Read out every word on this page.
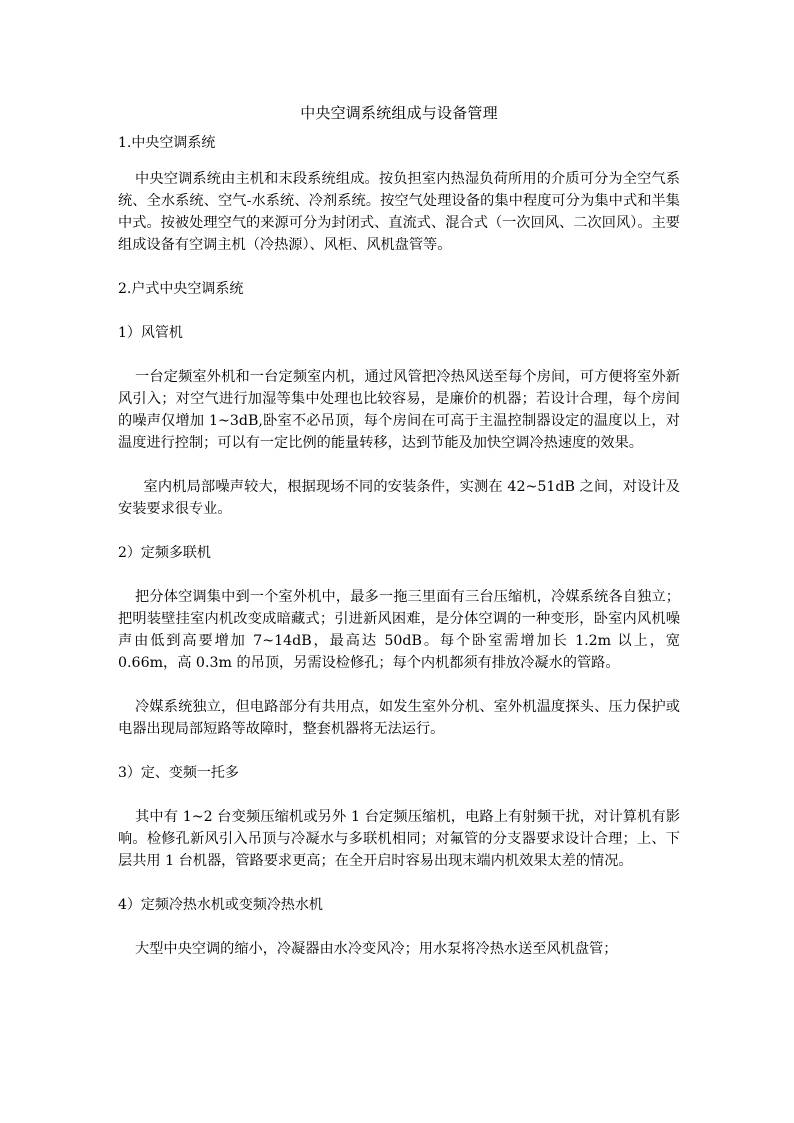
中央空调系统组成与设备管理
1.中央空调系统

中央空调系统由主机和末段系统组成。按负担室内热湿负荷所用的介质可分为全空气系统、全水系统、空气-水系统、冷剂系统。按空气处理设备的集中程度可分为集中式和半集中式。按被处理空气的来源可分为封闭式、直流式、混合式（一次回风、二次回风）。主要组成设备有空调主机（冷热源）、风柜、风机盘管等。

2.户式中央空调系统
1）风管机

一台定频室外机和一台定频室内机，通过风管把冷热风送至每个房间，可方便将室外新风引入；对空气进行加湿等集中处理也比较容易，是廉价的机器；若设计合理，每个房间的噪声仅增加 1~3dB,卧室不必吊顶，每个房间在可高于主温控制器设定的温度以上，对温度进行控制；可以有一定比例的能量转移，达到节能及加快空调冷热速度的效果。

室内机局部噪声较大，根据现场不同的安装条件，实测在 42~51dB 之间，对设计及安装要求很专业。

2）定频多联机

把分体空调集中到一个室外机中，最多一拖三里面有三台压缩机，冷媒系统各自独立；把明装壁挂室内机改变成暗藏式；引进新风困难，是分体空调的一种变形，卧室内风机噪声由低到高要增加 7~14dB，最高达 50dB。每个卧室需增加长 1.2m 以上，宽 0.66m，高 0.3m 的吊顶，另需设检修孔；每个内机都须有排放冷凝水的管路。

冷媒系统独立，但电路部分有共用点，如发生室外分机、室外机温度探头、压力保护或电器出现局部短路等故障时，整套机器将无法运行。

3）定、变频一托多

其中有 1~2 台变频压缩机或另外 1 台定频压缩机，电路上有射频干扰，对计算机有影响。检修孔新风引入吊顶与冷凝水与多联机相同；对氟管的分支器要求设计合理；上、下层共用 1 台机器，管路要求更高；在全开启时容易出现末端内机效果太差的情况。

4）定频冷热水机或变频冷热水机

大型中央空调的缩小，冷凝器由水冷变风冷；用水泵将冷热水送至风机盘管；
